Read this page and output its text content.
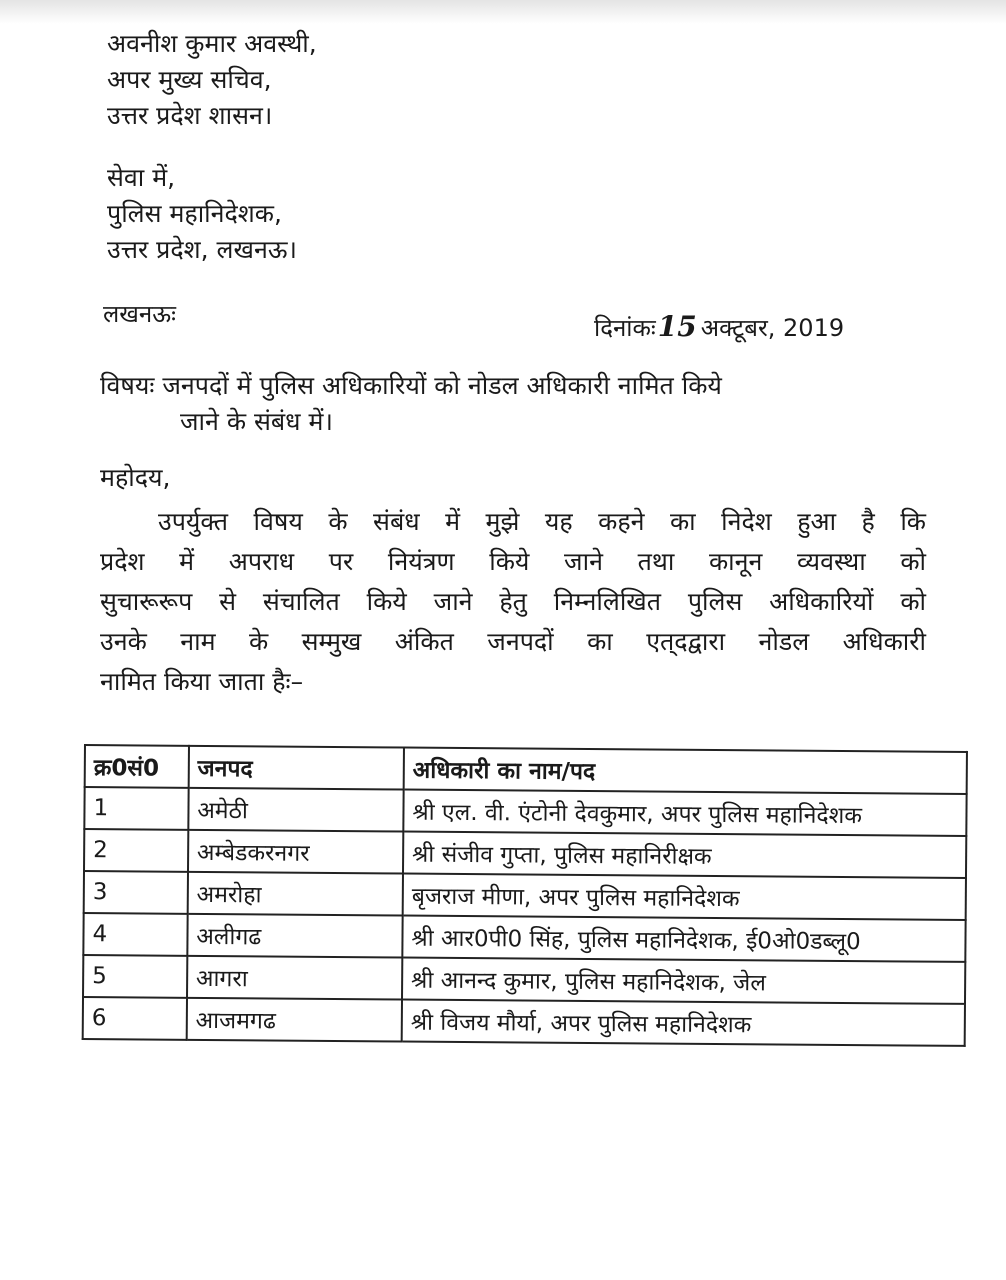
अवनीश कुमार अवस्थी,
अपर मुख्य सचिव,
उत्तर प्रदेश शासन।
सेवा में,
पुलिस महानिदेशक,
उत्तर प्रदेश, लखनऊ।
लखनऊः	दिनांकः15 अक्टूबर, 2019
विषयः जनपदों में पुलिस अधिकारियों को नोडल अधिकारी नामित किये
जाने के संबंध में।
महोदय,
उपर्युक्त विषय के संबंध में मुझे यह कहने का निदेश हुआ है कि
प्रदेश में अपराध पर नियंत्रण किये जाने तथा कानून व्यवस्था को
सुचारूरूप से संचालित किये जाने हेतु निम्नलिखित पुलिस अधिकारियों को
उनके नाम के सम्मुख अंकित जनपदों का एत्‌दद्वारा नोडल अधिकारी
नामित किया जाता हैः–
क्र0सं0	जनपद	अधिकारी का नाम/पद
1	अमेठी	श्री एल. वी. एंटोनी देवकुमार, अपर पुलिस महानिदेशक
2	अम्बेडकरनगर	श्री संजीव गुप्ता, पुलिस महानिरीक्षक
3	अमरोहा	बृजराज मीणा, अपर पुलिस महानिदेशक
4	अलीगढ	श्री आर0पी0 सिंह, पुलिस महानिदेशक, ई0ओ0डब्लू0
5	आगरा	श्री आनन्द कुमार, पुलिस महानिदेशक, जेल
6	आजमगढ	श्री विजय मौर्या, अपर पुलिस महानिदेशक
